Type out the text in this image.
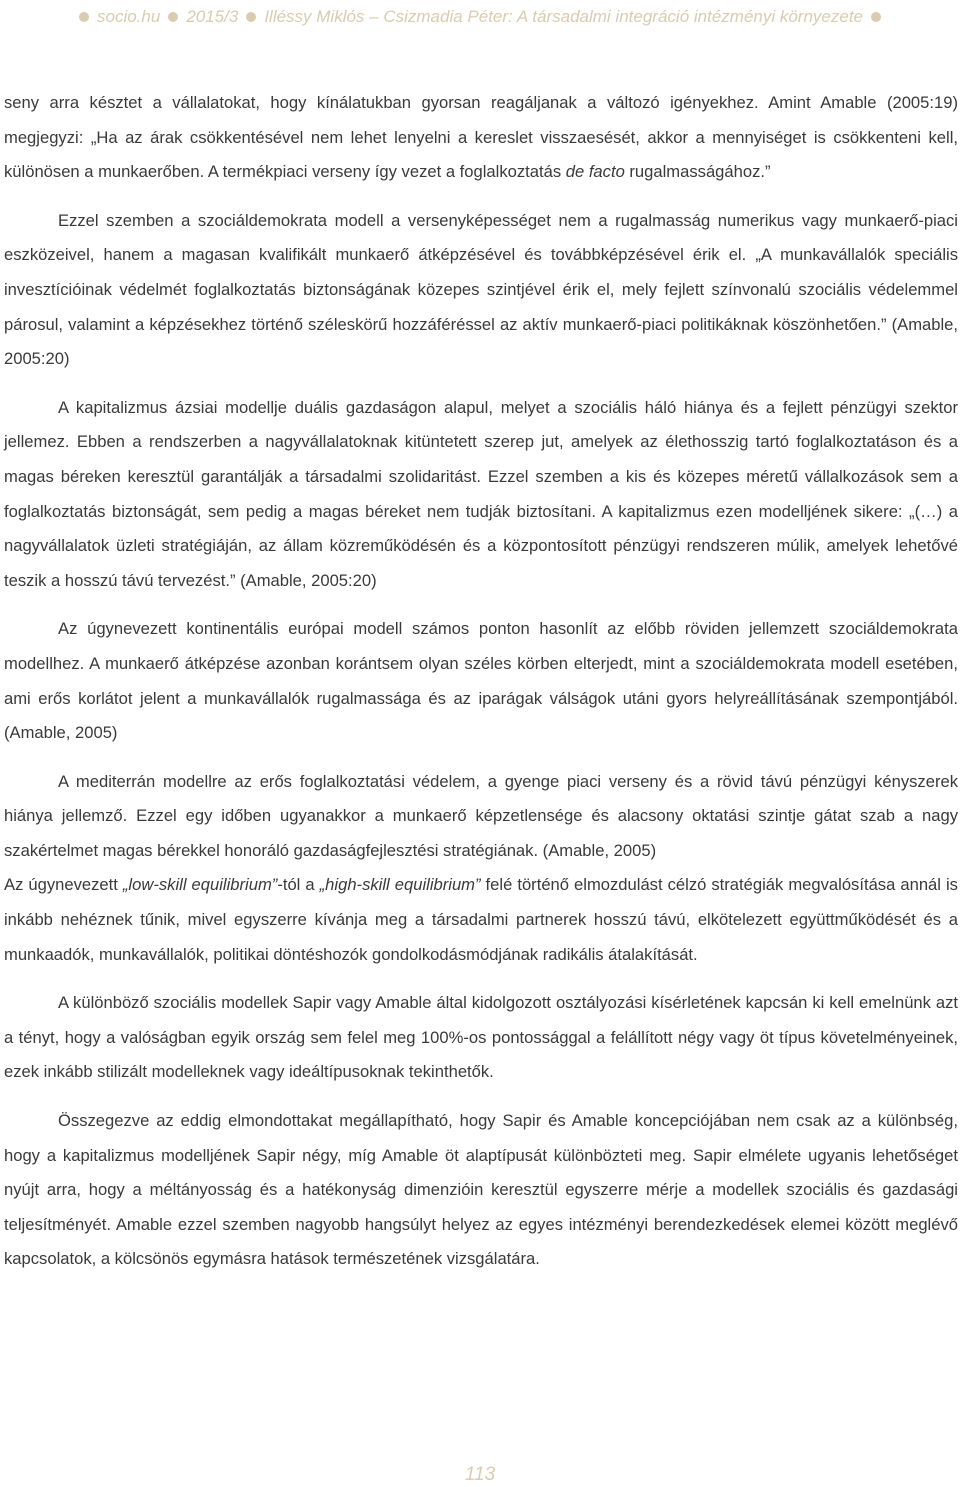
socio.hu 2015/3 Illéssy Miklós – Csizmadia Péter: A társadalmi integráció intézményi környezete

seny arra késztet a vállalatokat, hogy kínálatukban gyorsan reagáljanak a változó igényekhez. Amint Amable (2005:19) megjegyzi: „Ha az árak csökkentésével nem lehet lenyelni a kereslet visszaesését, akkor a mennyiséget is csökkenteni kell, különösen a munkaerőben. A termékpiaci verseny így vezet a foglalkoztatás de facto rugalmasságához.”

Ezzel szemben a szociáldemokrata modell a versenyképességet nem a rugalmasság numerikus vagy munkaerő-piaci eszközeivel, hanem a magasan kvalifikált munkaerő átképzésével és továbbképzésével érik el. „A munkavállalók speciális invesztícióinak védelmét foglalkoztatás biztonságának közepes szintjével érik el, mely fejlett színvonalú szociális védelemmel párosul, valamint a képzésekhez történő széleskörű hozzáféréssel az aktív munkaerő-piaci politikáknak köszönhetően.” (Amable, 2005:20)

A kapitalizmus ázsiai modellje duális gazdaságon alapul, melyet a szociális háló hiánya és a fejlett pénzügyi szektor jellemez. Ebben a rendszerben a nagyvállalatoknak kitüntetett szerep jut, amelyek az élethosszig tartó foglalkoztatáson és a magas béreken keresztül garantálják a társadalmi szolidaritást. Ezzel szemben a kis és közepes méretű vállalkozások sem a foglalkoztatás biztonságát, sem pedig a magas béreket nem tudják biztosítani. A kapitalizmus ezen modelljének sikere: „(…) a nagyvállalatok üzleti stratégiáján, az állam közreműködésén és a központosított pénzügyi rendszeren múlik, amelyek lehetővé teszik a hosszú távú tervezést.” (Amable, 2005:20)

Az úgynevezett kontinentális európai modell számos ponton hasonlít az előbb röviden jellemzett szociáldemokrata modellhez. A munkaerő átképzése azonban korántsem olyan széles körben elterjedt, mint a szociáldemokrata modell esetében, ami erős korlátot jelent a munkavállalók rugalmassága és az iparágak válságok utáni gyors helyreállításának szempontjából. (Amable, 2005)

A mediterrán modellre az erős foglalkoztatási védelem, a gyenge piaci verseny és a rövid távú pénzügyi kényszerek hiánya jellemző. Ezzel egy időben ugyanakkor a munkaerő képzetlensége és alacsony oktatási szintje gátat szab a nagy szakértelmet magas bérekkel honoráló gazdaságfejlesztési stratégiának. (Amable, 2005)

Az úgynevezett „low-skill equilibrium”-tól a „high-skill equilibrium” felé történő elmozdulást célzó stratégiák megvalósítása annál is inkább nehéznek tűnik, mivel egyszerre kívánja meg a társadalmi partnerek hosszú távú, elkötelezett együttműködését és a munkaadók, munkavállalók, politikai döntéshozók gondolkodásmódjának radikális átalakítását.

A különböző szociális modellek Sapir vagy Amable által kidolgozott osztályozási kísérletének kapcsán ki kell emelnünk azt a tényt, hogy a valóságban egyik ország sem felel meg 100%-os pontossággal a felállított négy vagy öt típus követelményeinek, ezek inkább stilizált modelleknek vagy ideáltípusoknak tekinthetők.

Összegezve az eddig elmondottakat megállapítható, hogy Sapir és Amable koncepciójában nem csak az a különbség, hogy a kapitalizmus modelljének Sapir négy, míg Amable öt alaptípusát különbözteti meg. Sapir elmélete ugyanis lehetőséget nyújt arra, hogy a méltányosság és a hatékonyság dimenzióin keresztül egyszerre mérje a modellek szociális és gazdasági teljesítményét. Amable ezzel szemben nagyobb hangsúlyt helyez az egyes intézményi berendezkedések elemei között meglévő kapcsolatok, a kölcsönös egymásra hatások természetének vizsgálatára.

113
